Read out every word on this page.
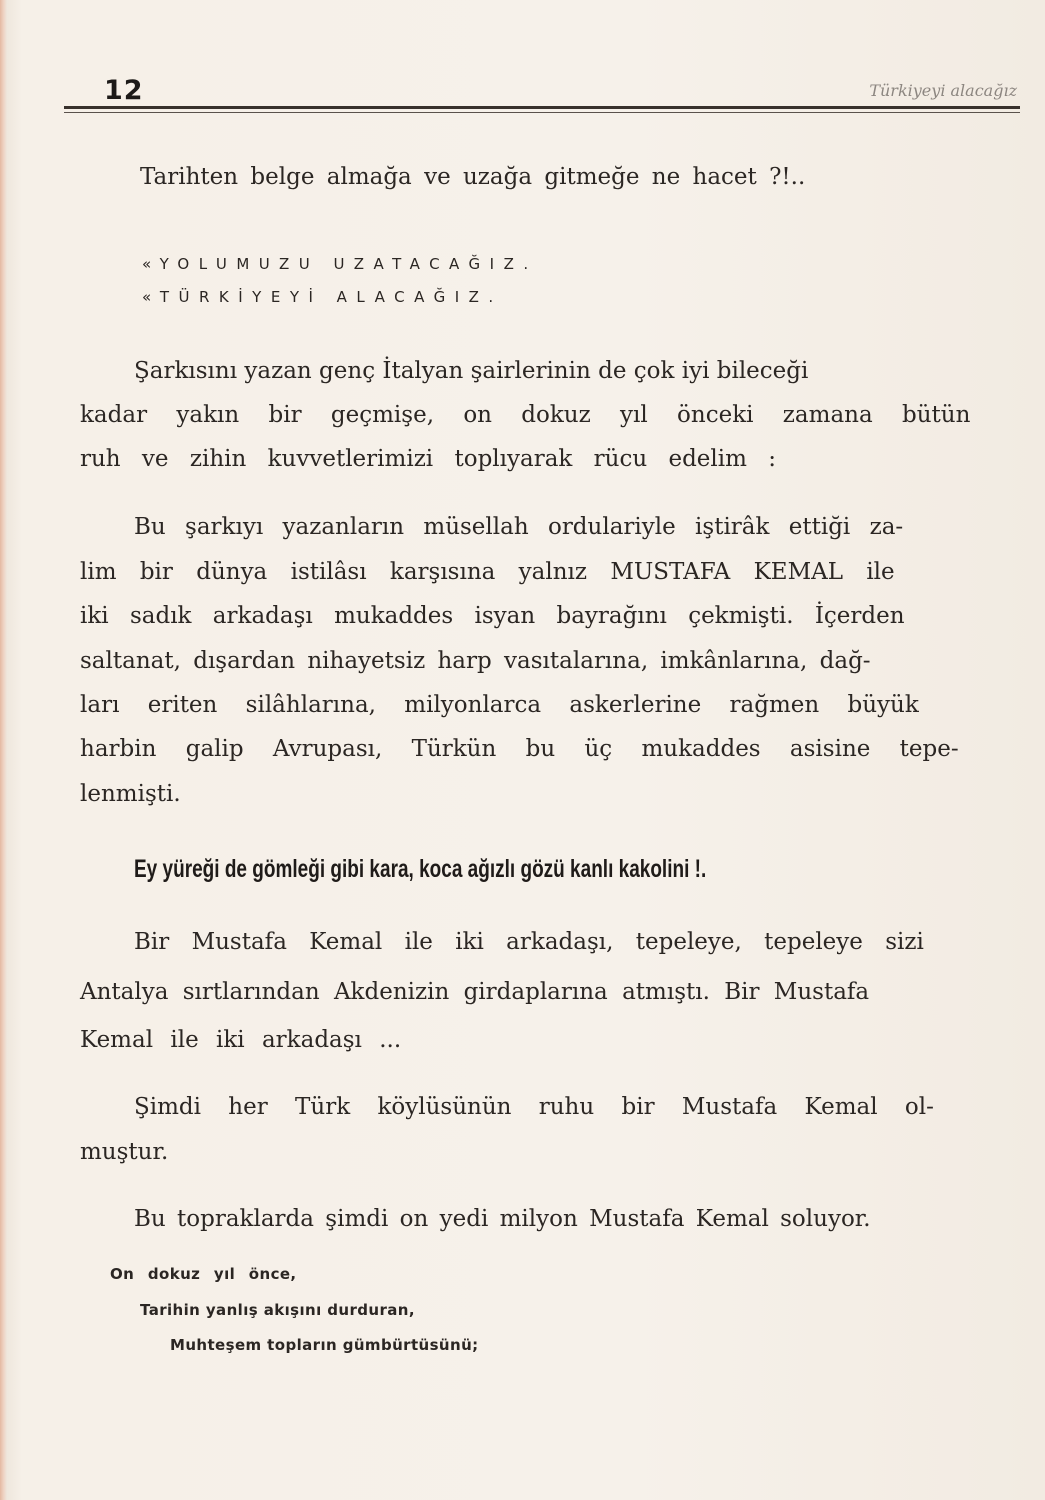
12	Türkiyeyi alacağız
Tarihten belge almağa ve uzağa gitmeğe ne hacet ?!..
«YOLUMUZU UZATACAĞIZ.
«TÜRKİYEYİ ALACAĞIZ.
Şarkısını yazan genç İtalyan şairlerinin de çok iyi bileceği
kadar yakın bir geçmişe, on dokuz yıl önceki zamana bütün
ruh ve zihin kuvvetlerimizi toplıyarak rücu edelim :
Bu şarkıyı yazanların müsellah ordulariyle iştirâk ettiği za-
lim bir dünya istilâsı karşısına yalnız MUSTAFA KEMAL ile
iki sadık arkadaşı mukaddes isyan bayrağını çekmişti. İçerden
saltanat, dışardan nihayetsiz harp vasıtalarına, imkânlarına, dağ-
ları eriten silâhlarına, milyonlarca askerlerine rağmen büyük
harbin galip Avrupası, Türkün bu üç mukaddes asisine tepe-
lenmişti.
Ey yüreği de gömleği gibi kara, koca ağızlı gözü kanlı kakolini !.
Bir Mustafa Kemal ile iki arkadaşı, tepeleye, tepeleye sizi
Antalya sırtlarından Akdenizin girdaplarına atmıştı. Bir Mustafa
Kemal ile iki arkadaşı ...
Şimdi her Türk köylüsünün ruhu bir Mustafa Kemal ol-
muştur.
Bu topraklarda şimdi on yedi milyon Mustafa Kemal soluyor.
On dokuz yıl önce,
Tarihin yanlış akışını durduran,
Muhteşem topların gümbürtüsünü;
